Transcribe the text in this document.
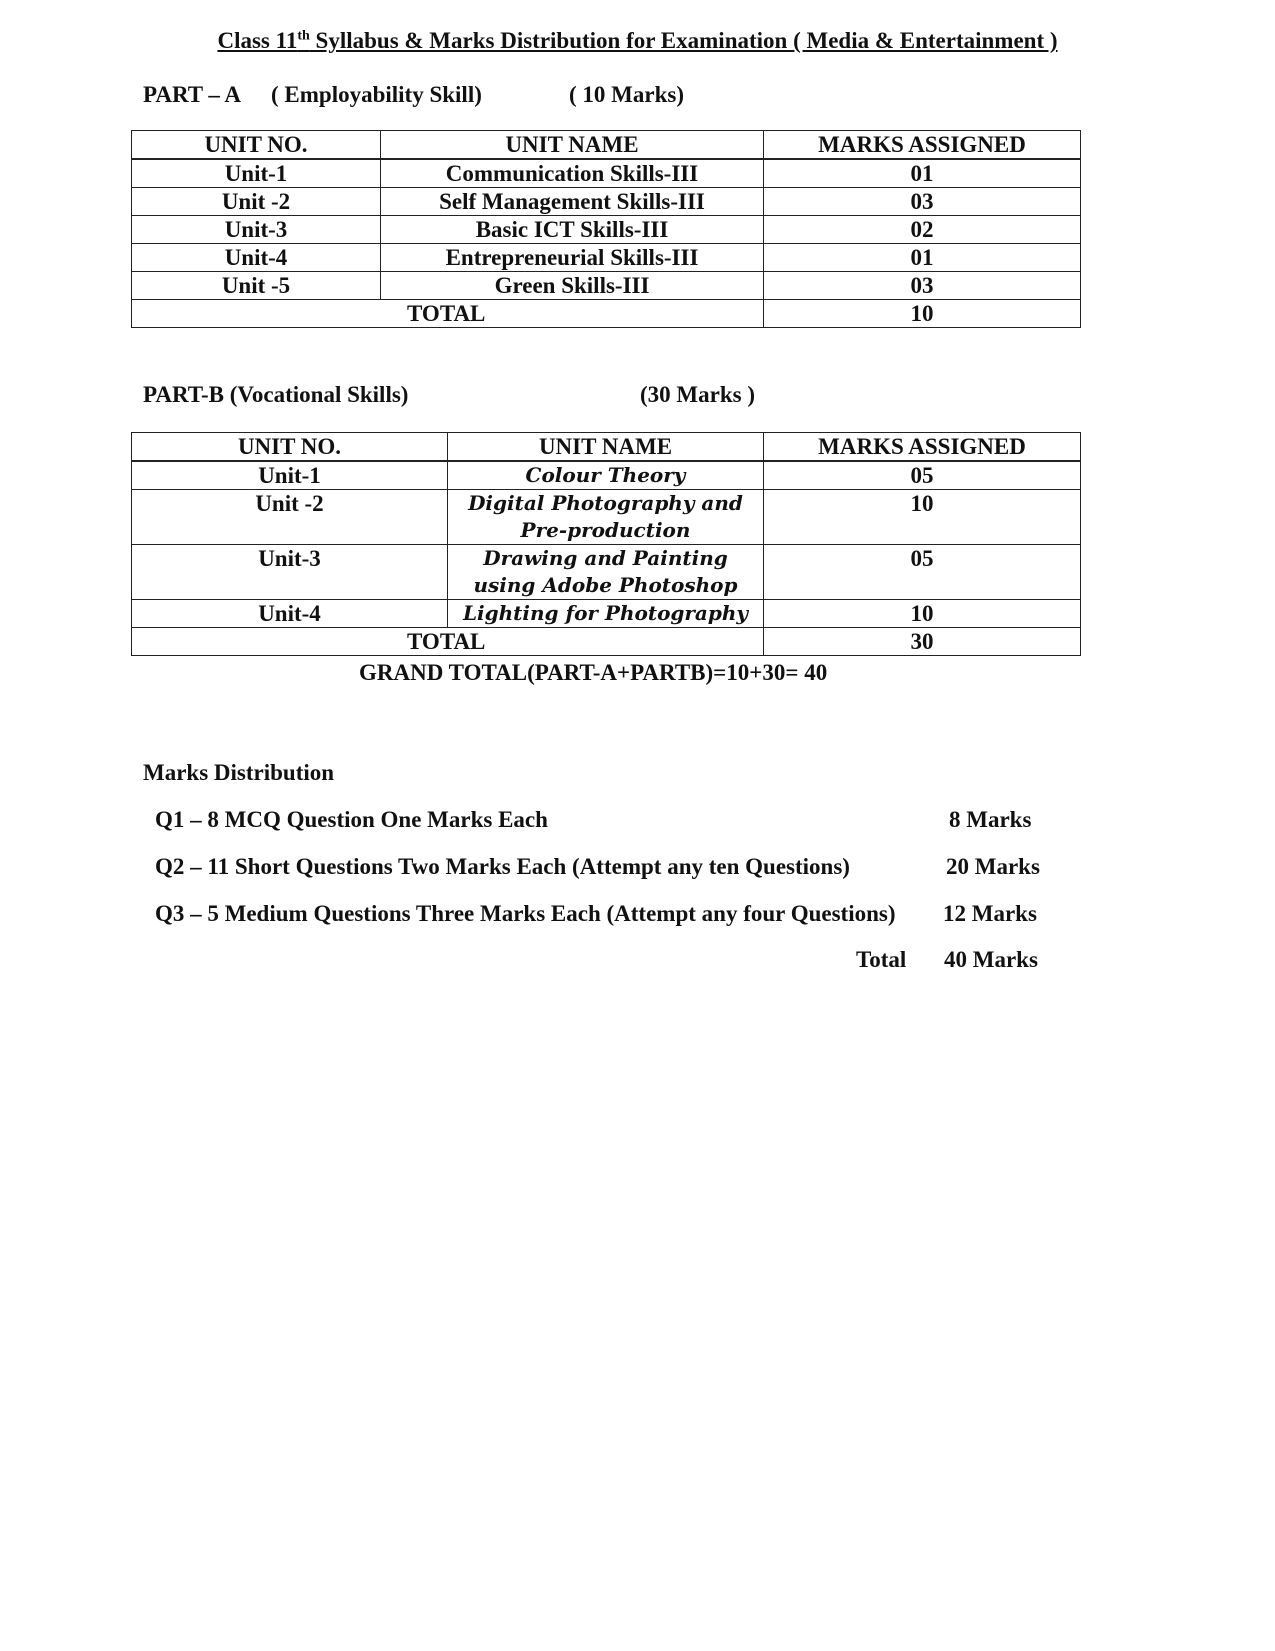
Class 11th Syllabus & Marks Distribution for Examination ( Media & Entertainment )
PART – A ( Employability Skill)	( 10 Marks)
UNIT NO.	UNIT NAME	MARKS ASSIGNED
Unit-1	Communication Skills-III	01
Unit -2	Self Management Skills-III	03
Unit-3	Basic ICT Skills-III	02
Unit-4	Entrepreneurial Skills-III	01
Unit -5	Green Skills-III	03
TOTAL		10
PART-B (Vocational Skills)	(30 Marks )
UNIT NO.	UNIT NAME	MARKS ASSIGNED
Unit-1	Colour Theory	05
Unit -2	Digital Photography and Pre-production	10
Unit-3	Drawing and Painting using Adobe Photoshop	05
Unit-4	Lighting for Photography	10
TOTAL		30
GRAND TOTAL(PART-A+PARTB)=10+30= 40
Marks Distribution
Q1 – 8 MCQ Question One Marks Each	8 Marks
Q2 – 11 Short Questions Two Marks Each (Attempt any ten Questions)	20 Marks
Q3 – 5 Medium Questions Three Marks Each (Attempt any four Questions) 12 Marks
Total 40 Marks
